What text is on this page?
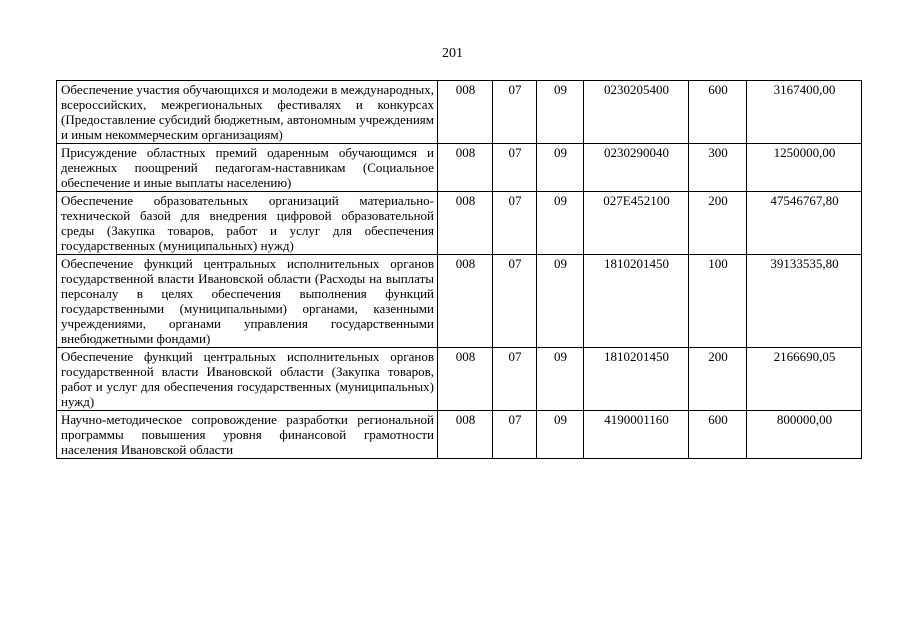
201
Обеспечение участия обучающихся и молодежи в международных, всероссийских, межрегиональных фестивалях и конкурсах (Предоставление субсидий бюджетным, автономным учреждениям и иным некоммерческим организациям)	008	07	09	0230205400	600	3167400,00
Присуждение областных премий одаренным обучающимся и денежных поощрений педагогам-наставникам (Социальное обеспечение и иные выплаты населению)	008	07	09	0230290040	300	1250000,00
Обеспечение образовательных организаций материально-технической базой для внедрения цифровой образовательной среды (Закупка товаров, работ и услуг для обеспечения государственных (муниципальных) нужд)	008	07	09	027E452100	200	47546767,80
Обеспечение функций центральных исполнительных органов государственной власти Ивановской области (Расходы на выплаты персоналу в целях обеспечения выполнения функций государственными (муниципальными) органами, казенными учреждениями, органами управления государственными внебюджетными фондами)	008	07	09	1810201450	100	39133535,80
Обеспечение функций центральных исполнительных органов государственной власти Ивановской области (Закупка товаров, работ и услуг для обеспечения государственных (муниципальных) нужд)	008	07	09	1810201450	200	2166690,05
Научно-методическое сопровождение разработки региональной программы повышения уровня финансовой грамотности населения Ивановской области	008	07	09	4190001160	600	800000,00
